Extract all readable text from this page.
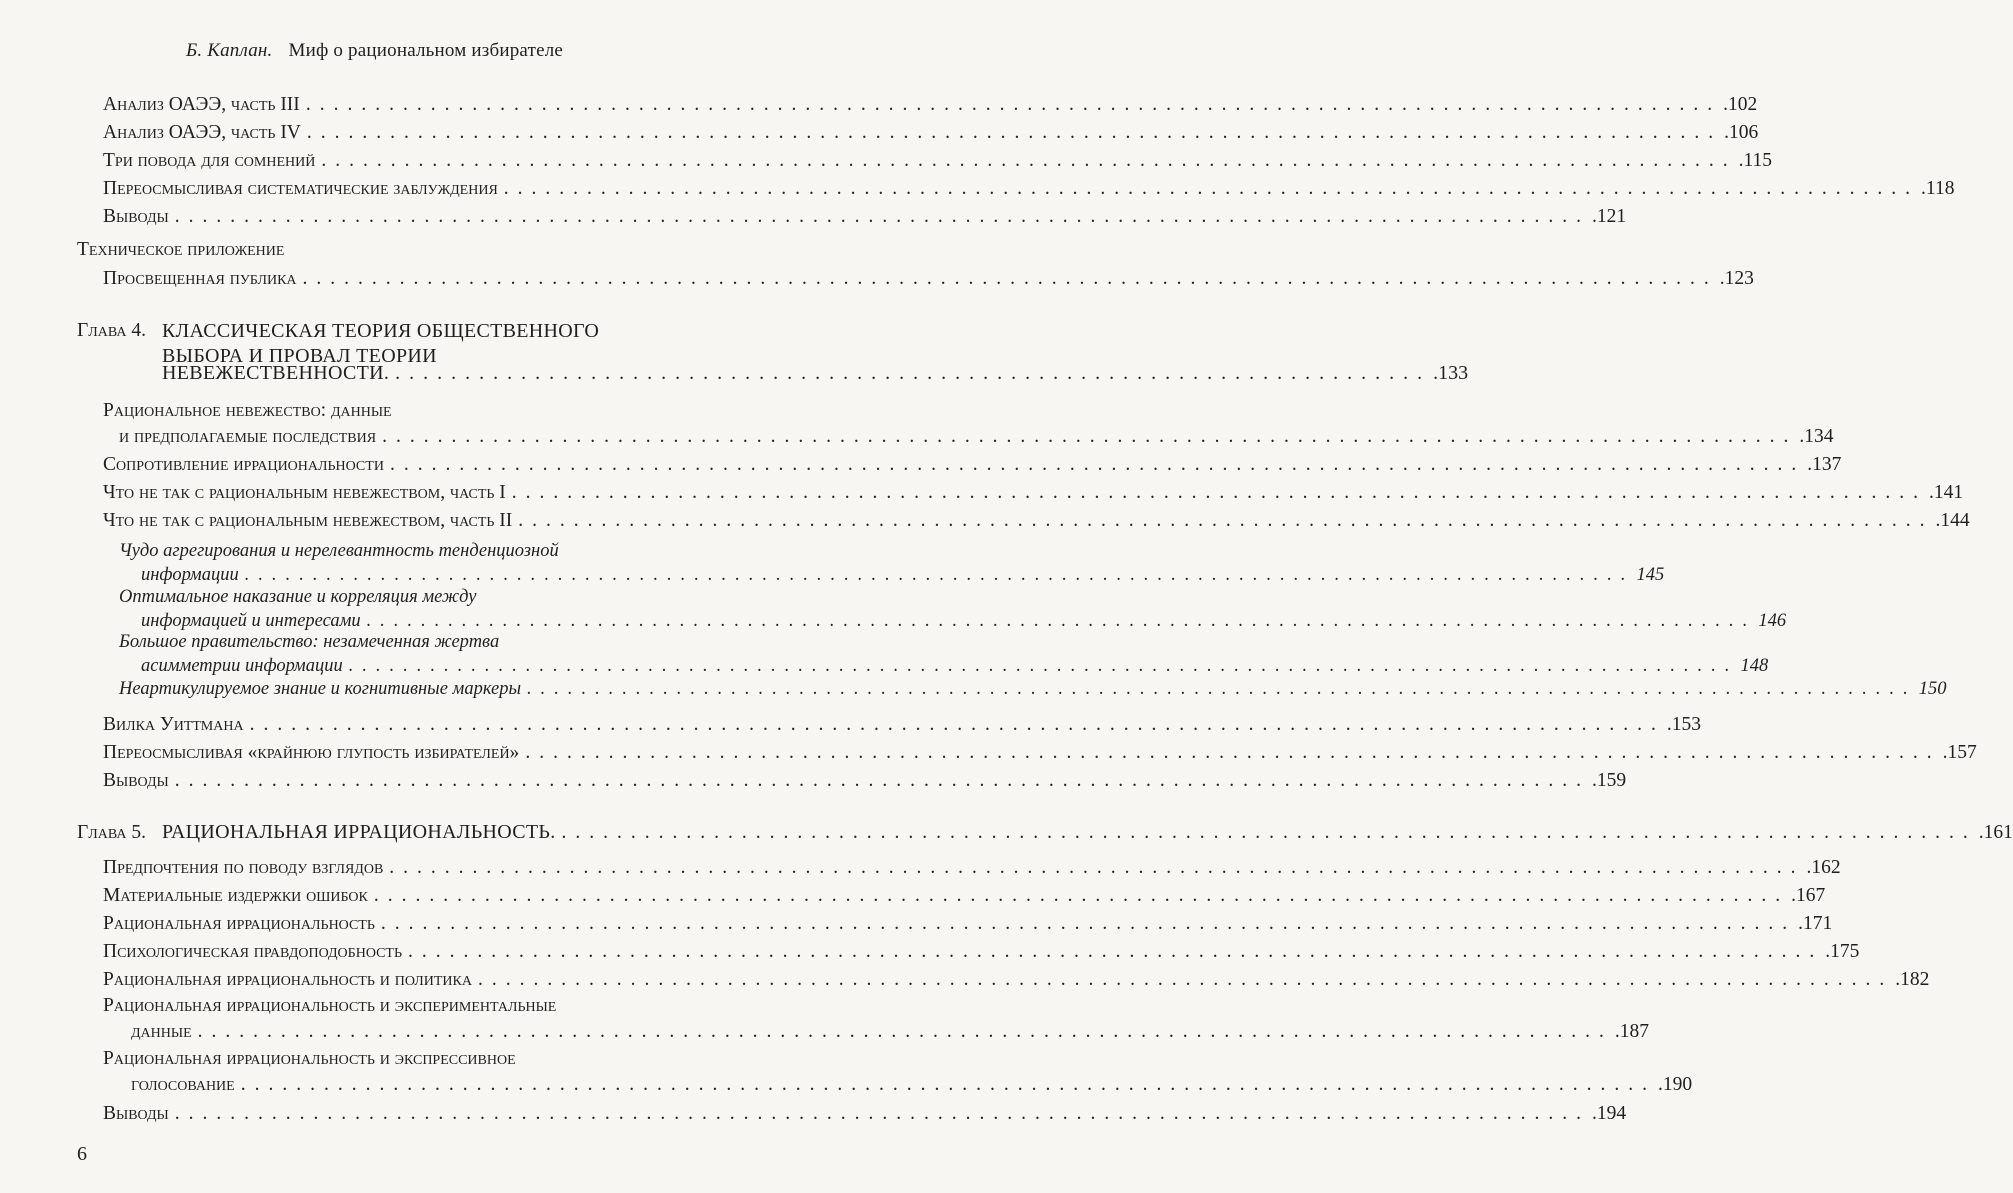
Б. Каплан. Миф о рациональном избирателе
Анализ ОАЭЭ, часть III ...................................................................................................... .102
Анализ ОАЭЭ, часть IV ...................................................................................................... .106
Три повода для сомнений ...................................................................................................... .115
Переосмысливая систематические заблуждения ...................................................................................................... .118
Выводы ...................................................................................................... .121
Техническое приложение
Просвещенная публика ...................................................................................................... .123
Глава 4. КЛАССИЧЕСКАЯ ТЕОРИЯ ОБЩЕСТВЕННОГО
ВЫБОРА И ПРОВАЛ ТЕОРИИ
НЕВЕЖЕСТВЕННОСТИ. .......................................................................... .133
Рациональное невежество: данные
и предполагаемые последствия ...................................................................................................... .134
Сопротивление иррациональности ...................................................................................................... .137
Что не так с рациональным невежеством, часть I ...................................................................................................... .141
Что не так с рациональным невежеством, часть II ...................................................................................................... .144
Чудо агрегирования и нерелевантность тенденциозной
информации ...................................................................................................... 145
Оптимальное наказание и корреляция между
информацией и интересами ...................................................................................................... 146
Большое правительство: незамеченная жертва
асимметрии информации ...................................................................................................... 148
Неартикулируемое знание и когнитивные маркеры ...................................................................................................... 150
Вилка Уиттмана ...................................................................................................... .153
Переосмысливая «крайнюю глупость избирателей» ...................................................................................................... .157
Выводы ...................................................................................................... .159
Глава 5. РАЦИОНАЛЬНАЯ ИРРАЦИОНАЛЬНОСТЬ. ...................................................................................................... .161
Предпочтения по поводу взглядов ...................................................................................................... .162
Материальные издержки ошибок ...................................................................................................... .167
Рациональная иррациональность ...................................................................................................... .171
Психологическая правдоподобность ...................................................................................................... .175
Рациональная иррациональность и политика ...................................................................................................... .182
Рациональная иррациональность и экспериментальные
данные ...................................................................................................... .187
Рациональная иррациональность и экспрессивное
голосование ...................................................................................................... .190
Выводы ...................................................................................................... .194
6
